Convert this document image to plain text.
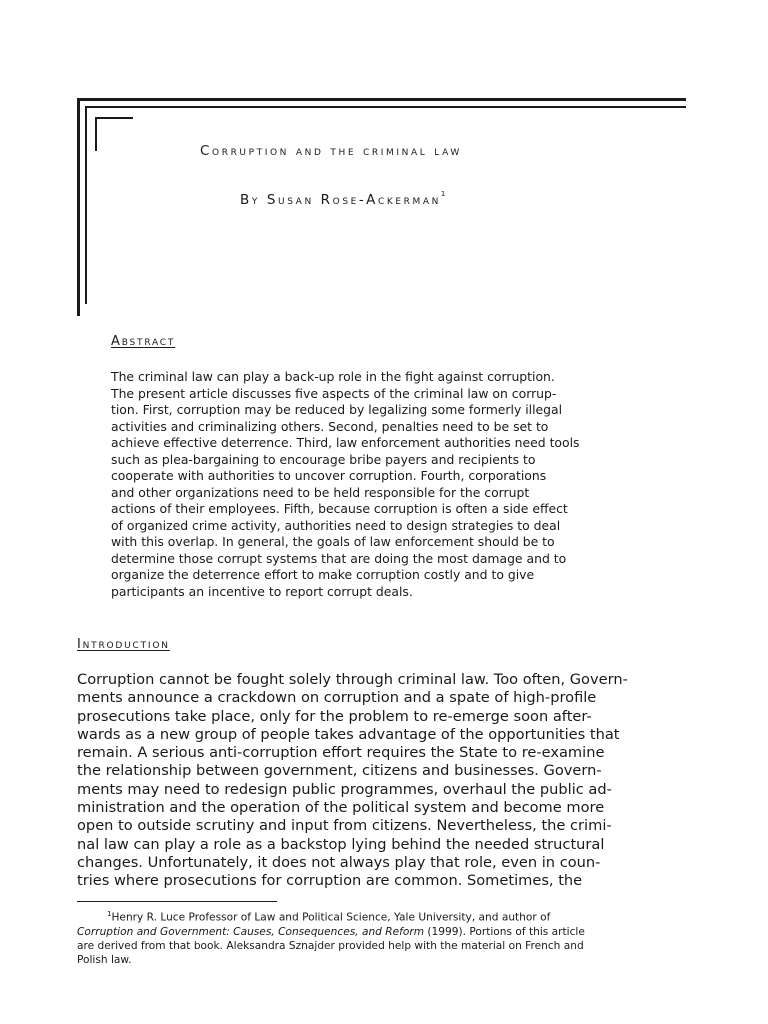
Corruption and the criminal law
By Susan Rose-Ackerman$^1$
Abstract

The criminal law can play a back-up role in the fight against corruption.
The present article discusses five aspects of the criminal law on corrup-
tion. First, corruption may be reduced by legalizing some formerly illegal
activities and criminalizing others. Second, penalties need to be set to
achieve effective deterrence. Third, law enforcement authorities need tools
such as plea-bargaining to encourage bribe payers and recipients to
cooperate with authorities to uncover corruption. Fourth, corporations
and other organizations need to be held responsible for the corrupt
actions of their employees. Fifth, because corruption is often a side effect
of organized crime activity, authorities need to design strategies to deal
with this overlap. In general, the goals of law enforcement should be to
determine those corrupt systems that are doing the most damage and to
organize the deterrence effort to make corruption costly and to give
participants an incentive to report corrupt deals.

Introduction

Corruption cannot be fought solely through criminal law. Too often, Govern-
ments announce a crackdown on corruption and a spate of high-profile
prosecutions take place, only for the problem to re-emerge soon after-
wards as a new group of people takes advantage of the opportunities that
remain. A serious anti-corruption effort requires the State to re-examine
the relationship between government, citizens and businesses. Govern-
ments may need to redesign public programmes, overhaul the public ad-
ministration and the operation of the political system and become more
open to outside scrutiny and input from citizens. Nevertheless, the crimi-
nal law can play a role as a backstop lying behind the needed structural
changes. Unfortunately, it does not always play that role, even in coun-
tries where prosecutions for corruption are common. Sometimes, the

$^1$Henry R. Luce Professor of Law and Political Science, Yale University, and author of
Corruption and Government: Causes, Consequences, and Reform (1999). Portions of this article
are derived from that book. Aleksandra Sznajder provided help with the material on French and
Polish law.
